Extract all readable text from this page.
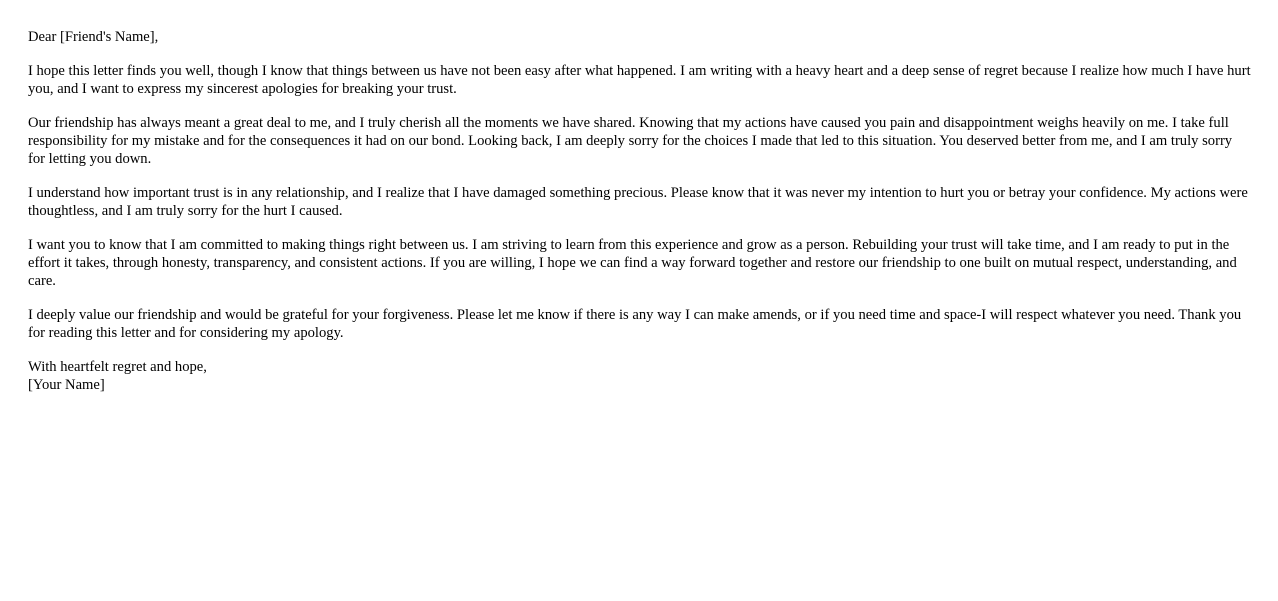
Dear [Friend's Name],

I hope this letter finds you well, though I know that things between us have not been easy after what happened. I am writing with a heavy heart and a deep sense of regret because I realize how much I have hurt you, and I want to express my sincerest apologies for breaking your trust.

Our friendship has always meant a great deal to me, and I truly cherish all the moments we have shared. Knowing that my actions have caused you pain and disappointment weighs heavily on me. I take full responsibility for my mistake and for the consequences it had on our bond. Looking back, I am deeply sorry for the choices I made that led to this situation. You deserved better from me, and I am truly sorry for letting you down.

I understand how important trust is in any relationship, and I realize that I have damaged something precious. Please know that it was never my intention to hurt you or betray your confidence. My actions were thoughtless, and I am truly sorry for the hurt I caused.

I want you to know that I am committed to making things right between us. I am striving to learn from this experience and grow as a person. Rebuilding your trust will take time, and I am ready to put in the effort it takes, through honesty, transparency, and consistent actions. If you are willing, I hope we can find a way forward together and restore our friendship to one built on mutual respect, understanding, and care.

I deeply value our friendship and would be grateful for your forgiveness. Please let me know if there is any way I can make amends, or if you need time and space-I will respect whatever you need. Thank you for reading this letter and for considering my apology.

With heartfelt regret and hope,
[Your Name]
